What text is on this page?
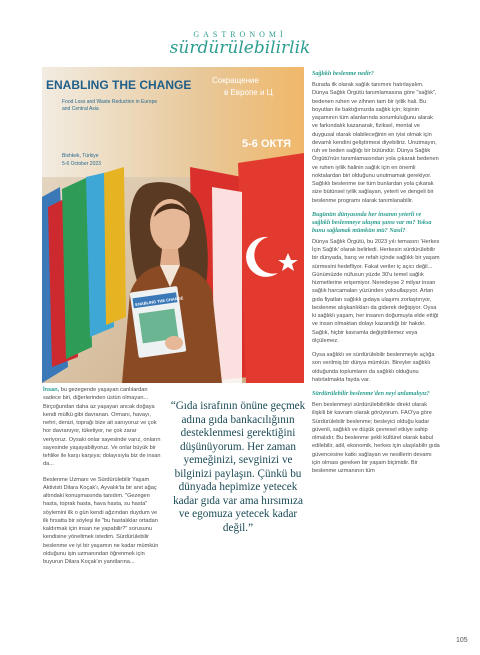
GASTRONOMİ
sürdürülebilirlik
ENABLING THE CHANGE
Food Loss and Waste Reduction in Europe
and Central Asia
Bishkek, Türkiye
5-6 October 2023
Сокращение
в Европе и Ц
5-6 ОКТЯ
ENABLING THE CHANGE

İnsan, bu gezegende yaşayan canlılardan sadece biri, diğerlerinden üstün olmayan... Birçoğundan daha az yaşayan ancak doğaya kendi mülkü gibi davranan. Ormanı, havayı, nehri, denizi, toprağı bize ait sanıyoruz ve çok hor davranıyor, tüketiyor, ne çok zarar veriyoruz. Oysaki onlar sayesinde varız, onların sayesinde yaşayabiliyoruz. Ve onlar büyük bir tehlike ile karşı karşıya; dolayısıyla biz de insan da...

Beslenme Uzmanı ve Sürdürülebilir Yaşam Aktivisti Dilara Koçak'ı, Ayvalık'ta bir anıt ağaç altındaki konuşmasında tanıdım. "Gezegen hasta, toprak hasta, hava hasta, su hasta" söylemini ilk o gün kendi ağzından duydum ve ilk fırsatta bir söyleşi ile "bu hastalıklar ortadan kaldırmak için insan ne yapabilir?" sorusunu kendisine yöneltmek istedim. Sürdürülebilir beslenme ve iyi bir yaşamın ne kadar mümkün olduğunu işin uzmanından öğrenmek için buyurun Dilara Koçak'ın yanıtlarına...

“Gıda israfının önüne geçmek adına gıda bankacılığının desteklenmesi gerektiğini düşünüyorum. Her zaman yemeğinizi, sevginizi ve bilginizi paylaşın. Çünkü bu dünyada hepimize yetecek kadar gıda var ama hırsımıza ve egomuza yetecek kadar değil.”
Sağlıklı beslenme nedir?

Burada ilk olarak sağlık tanımını hatırlayalım. Dünya Sağlık Örgütü tanımlamasına göre "sağlık", bedenen ruhen ve zihnen tam bir iyilik hali. Bu boyutları ile baktığımızda sağlık için; kişinin yaşamının tüm alanlarında sorumluluğunu alarak ve farkındalık kazanarak, fiziksel, mental ve duygusal olarak olabileceğinin en iyisi olmak için devamlı kendini geliştirmesi diyebiliriz. Unutmayın, ruh ve beden sağlığı bir bütündür. Dünya Sağlık Örgütü'nün tanımlamasından yola çıkarak bedenen ve ruhen iyilik halinin sağlık için en önemli noktalardan biri olduğunu unutmamak gerekiyor. Sağlıklı beslenme ise tüm bunlardan yola çıkarak size bütünsel iyilik sağlayan, yeterli ve dengeli bir beslenme programı olarak tanımlanabilir.

Bugünün dünyasında her insanın yeterli ve sağlıklı beslenmeye ulaşma şansı var mı? Yoksa bunu sağlamak mümkün mü? Nasıl?

Dünya Sağlık Örgütü, bu 2023 yılı temasını 'Herkes İçin Sağlık' olarak belirledi. Herkesin sürdürülebilir bir dünyada, barış ve refah içinde sağlıklı bir yaşam sürmesini hedefliyor. Fakat veriler iç açıcı değil... Günümüzde nüfusun yüzde 30'u temel sağlık hizmetlerine erişemiyor. Neredeyse 2 milyar insan sağlık harcamaları yüzünden yoksullaşıyor. Artan gıda fiyatları sağlıklı gıdaya ulaşımı zorlaştırıyor, beslenme alışkanlıkları da giderek değişiyor. Oysa ki sağlıklı yaşam, her insanın doğumuyla elde ettiği ve insan olmaktan dolayı kazandığı bir hakdır. Sağlık, hiçbir kavramla değiştirilemez veya ölçülemez.

Oysa sağlıklı ve sürdürülebilir beslenmeyle açlığa son verilmiş bir dünya mümkün. Bireyler sağlıklı olduğunda toplumların da sağlıklı olduğunu hatırlatmakta fayda var.

Sürdürülebilir beslenme'den neyi anlamalıyız?

Ben beslenmeyi sürdürülebilirlikle direkt olarak ilişkili bir kavram olarak görüyorum. FAO'ya göre Sürdürülebilir beslenme; besleyici olduğu kadar güvenli, sağlıklı ve düşük çevresel etkiye sahip olmalıdır. Bu beslenme şekli kültürel olarak kabul edilebilir, adil, ekonomik, herkes için ulaşılabilir gıda güvencesine katkı sağlayan ve nesillerin devamı için olması gereken bir yaşam biçimidir. Bir beslenme uzmanının tüm

105
